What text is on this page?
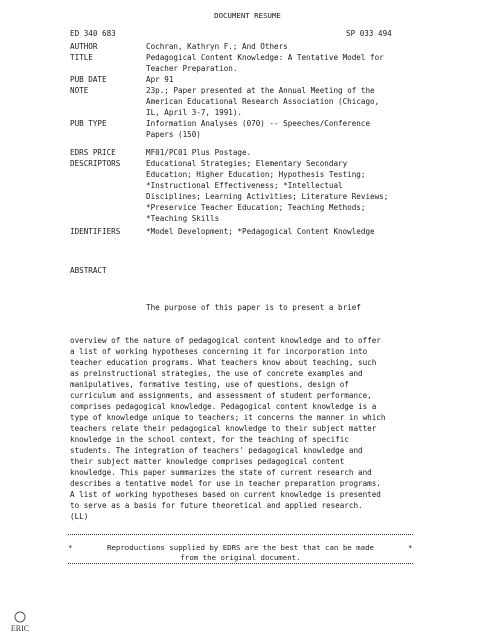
DOCUMENT RESUME
ED 340 683	SP 033 494
AUTHOR	Cochran, Kathryn F.; And Others
TITLE	Pedagogical Content Knowledge: A Tentative Model for
Teacher Preparation.
PUB DATE	Apr 91
NOTE	23p.; Paper presented at the Annual Meeting of the
American Educational Research Association (Chicago,
IL, April 3-7, 1991).
PUB TYPE	Information Analyses (070) -- Speeches/Conference
Papers (150)
EDRS PRICE	MF01/PC01 Plus Postage.
DESCRIPTORS	Educational Strategies; Elementary Secondary
Education; Higher Education; Hypothesis Testing;
*Instructional Effectiveness; *Intellectual
Disciplines; Learning Activities; Literature Reviews;
*Preservice Teacher Education; Teaching Methods;
*Teaching Skills
IDENTIFIERS	*Model Development; *Pedagogical Content Knowledge
ABSTRACT

The purpose of this paper is to present a brief

overview of the nature of pedagogical content knowledge and to offer
a list of working hypotheses concerning it for incorporation into
teacher education programs. What teachers know about teaching, such
as preinstructional strategies, the use of concrete examples and
manipulatives, formative testing, use of questions, design of
curriculum and assignments, and assessment of student performance,
comprises pedagogical knowledge. Pedagogical content knowledge is a
type of knowledge unique to teachers; it concerns the manner in which
teachers relate their pedagogical knowledge to their subject matter
knowledge in the school context, for the teaching of specific
students. The integration of teachers' pedagogical knowledge and
their subject matter knowledge comprises pedagogical content
knowledge. This paper summarizes the state of current research and
describes a tentative model for use in teacher preparation programs.
A list of working hypotheses based on current knowledge is presented
to serve as a basis for future theoretical and applied research.
(LL)

*	*
Reproductions supplied by EDRS are the best that can be made
from the original document.
ERIC
